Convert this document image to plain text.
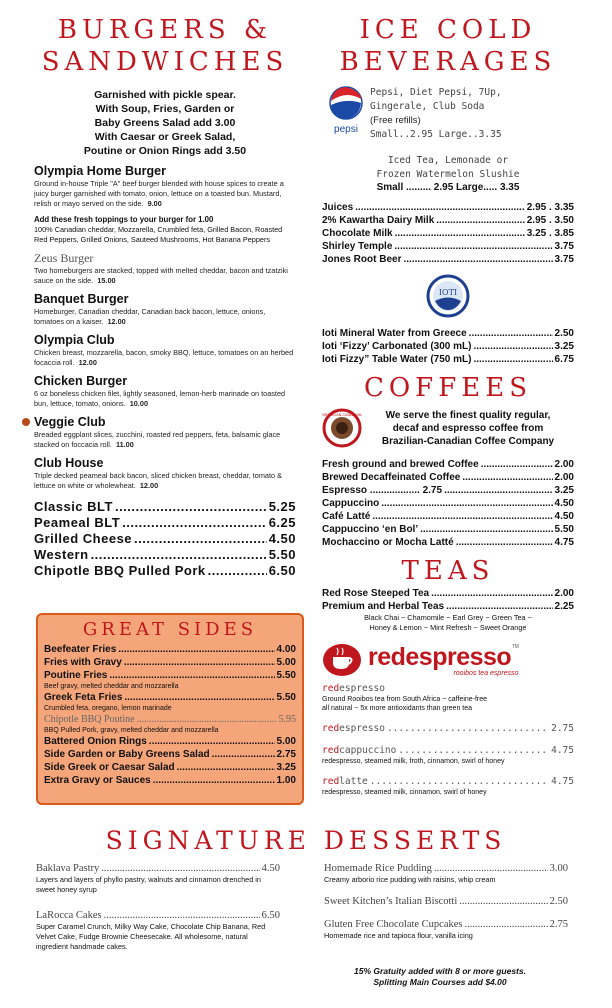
BURGERS &
SANDWICHES
Garnished with pickle spear.
With Soup, Fries, Garden or
Baby Greens Salad add 3.00
With Caesar or Greek Salad,
Poutine or Onion Rings add 3.50
Olympia Home Burger
Ground in-house Triple "A" beef burger blended with house spices to create a juicy burger garnished with tomato, onion, lettuce on a toasted bun. Mustard, relish or mayo served on the side. 9.00
Add these fresh toppings to your burger for 1.00
100% Canadian cheddar, Mozzarella, Crumbled feta, Grilled Bacon, Roasted Red Peppers, Grilled Onions, Sauteed Mushrooms, Hot Banana Peppers
Zeus Burger
Two homeburgers are stacked, topped with melted cheddar, bacon and tzatziki sauce on the side. 15.00
Banquet Burger
Homeburger, Canadian cheddar, Canadian back bacon, lettuce, onions, tomatoes on a kaiser. 12.00
Olympia Club
Chicken breast, mozzarella, bacon, smoky BBQ, lettuce, tomatoes on an herbed focaccia roll. 12.00
Chicken Burger
6 oz boneless chicken filet, lightly seasoned, lemon-herb marinade on toasted bun, lettuce, tomato, onions. 10.00
Veggie Club
Breaded eggplant slices, zucchini, roasted red peppers, feta, balsamic glace stacked on foccacia roll. 11.00
Club House
Triple decked peameal back bacon, sliced chicken breast, cheddar, tomato & lettuce on white or wholewheat. 12.00
Classic BLT .....	5.25
Peameal BLT .....	6.25
Grilled Cheese .....	4.50
Western .....	5.50
Chipotle BBQ Pulled Pork .....	6.50
GREAT SIDES
Beefeater Fries .....	4.00
Fries with Gravy .....	5.00
Poutine Fries .....	5.50
Beef gravy, melted cheddar and mozzarella
Greek Feta Fries .....	5.50
Crumbled feta, oregano, lemon marinade
Chipotle BBQ Poutine .....	5.95
BBQ Pulled Pork, gravy, melted cheddar and mozzarella
Battered Onion Rings .....	5.00
Side Garden or Baby Greens Salad .....	2.75
Side Greek or Caesar Salad .....	3.25
Extra Gravy or Sauces .....	1.00
ICE COLD
BEVERAGES
pepsi
Pepsi, Diet Pepsi, 7Up,
Gingerale, Club Soda
(Free refills)
Small..2.95 Large..3.35
Iced Tea, Lemonade or
Frozen Watermelon Slushie
Small ......... 2.95 Large..... 3.35
Juices .....	2.95 . 3.35
2% Kawartha Dairy Milk .....	2.95 . 3.50
Chocolate Milk .....	3.25 . 3.85
Shirley Temple .....	3.75
Jones Root Beer .....	3.75
IOTI
Ioti Mineral Water from Greece .....	2.50
Ioti ‘Fizzy’ Carbonated (300 mL) .....	3.25
Ioti Fizzy” Table Water (750 mL) .....	6.75
COFFEES
BRAZILIAN CANADIAN	We serve the finest quality regular,
decaf and espresso coffee from
Brazilian-Canadian Coffee Company
Fresh ground and brewed Coffee .....	2.00
Brewed Decaffeinated Coffee .....	2.00
Espresso .................. 2.75 .....	3.25
Cappuccino .....	4.50
Café Latté .....	4.50
Cappuccino ‘en Bol’ .....	5.50
Mochaccino or Mocha Latté .....	4.75
TEAS
Red Rose Steeped Tea .....	2.00
Premium and Herbal Teas .....	2.25
Black Chai ~ Chamomile ~ Earl Grey ~ Green Tea ~
Honey & Lemon ~ Mint Refresh ~ Sweet Orange
redespresso TM
rooibos tea espresso
redespresso
Ground Rooibos tea from South Africa ~ caffeine-free
all natural ~ 5x more antioxidants than green tea
redespresso .....	2.75
redcappuccino .....	4.75
redespresso, steamed milk, froth, cinnamon, swirl of honey
redlatte .....	4.75
redespresso, steamed milk, cinnamon, swirl of honey
SIGNATURE DESSERTS
Baklava Pastry .....	4.50
Layers and layers of phyllo pastry, walnuts and cinnamon drenched in sweet honey syrup
LaRocca Cakes .....	6.50
Super Caramel Crunch, Milky Way Cake, Chocolate Chip Banana, Red Velvet Cake, Fudge Brownie Cheesecake. All wholesome, natural ingredient handmade cakes.
Homemade Rice Pudding .....	3.00
Creamy arborio rice pudding with raisins, whip cream
Sweet Kitchen’s Italian Biscotti .....	2.50
Gluten Free Chocolate Cupcakes .....	2.75
Homemade rice and tapioca flour, vanilla icing
15% Gratuity added with 8 or more guests.
Splitting Main Courses add $4.00
